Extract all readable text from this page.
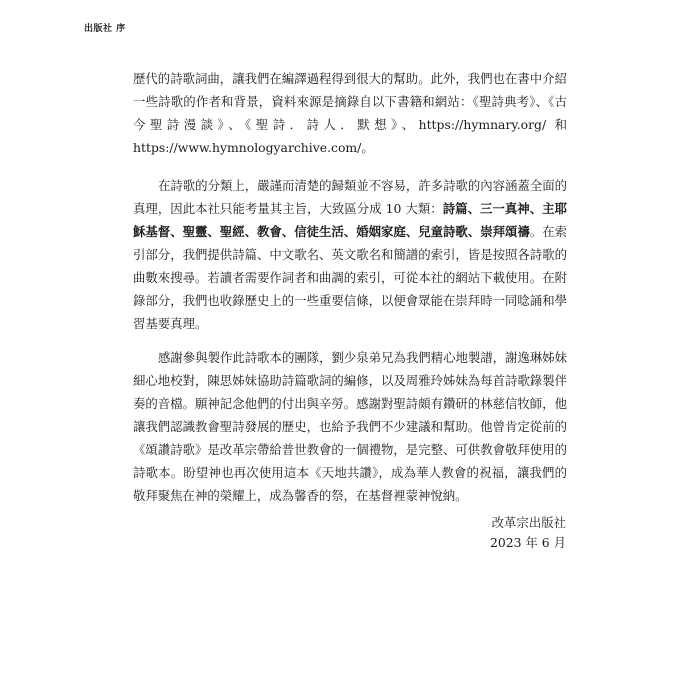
出版社 序

歷代的詩歌詞曲，讓我們在編譯過程得到很大的幫助。此外，我們也在書中介紹一些詩歌的作者和背景，資料來源是摘錄自以下書籍和網站：《聖詩典考》、《古今聖詩漫談》、《聖詩．詩人．默想》、https://hymnary.org/ 和 https://www.hymnologyarchive.com/。

在詩歌的分類上，嚴謹而清楚的歸類並不容易，許多詩歌的內容涵蓋全面的真理，因此本社只能考量其主旨，大致區分成 10 大類：詩篇、三一真神、主耶穌基督、聖靈、聖經、教會、信徒生活、婚姻家庭、兒童詩歌、崇拜頌禱。在索引部分，我們提供詩篇、中文歌名、英文歌名和簡譜的索引，皆是按照各詩歌的曲數來搜尋。若讀者需要作詞者和曲調的索引，可從本社的網站下載使用。在附錄部分，我們也收錄歷史上的一些重要信條，以便會眾能在崇拜時一同唸誦和學習基要真理。

感謝參與製作此詩歌本的團隊，劉少泉弟兄為我們精心地製譜，謝逸琳姊妹細心地校對，陳思姊妹協助詩篇歌詞的編修，以及周雅玲姊妹為每首詩歌錄製伴奏的音檔。願神記念他們的付出與辛勞。感謝對聖詩頗有鑽研的林慈信牧師，他讓我們認識教會聖詩發展的歷史，也給予我們不少建議和幫助。他曾肯定從前的《頌讚詩歌》是改革宗帶給普世教會的一個禮物，是完整、可供教會敬拜使用的詩歌本。盼望神也再次使用這本《天地共讚》，成為華人教會的祝福，讓我們的敬拜聚焦在神的榮耀上，成為馨香的祭，在基督裡蒙神悅納。

改革宗出版社
2023 年 6 月
